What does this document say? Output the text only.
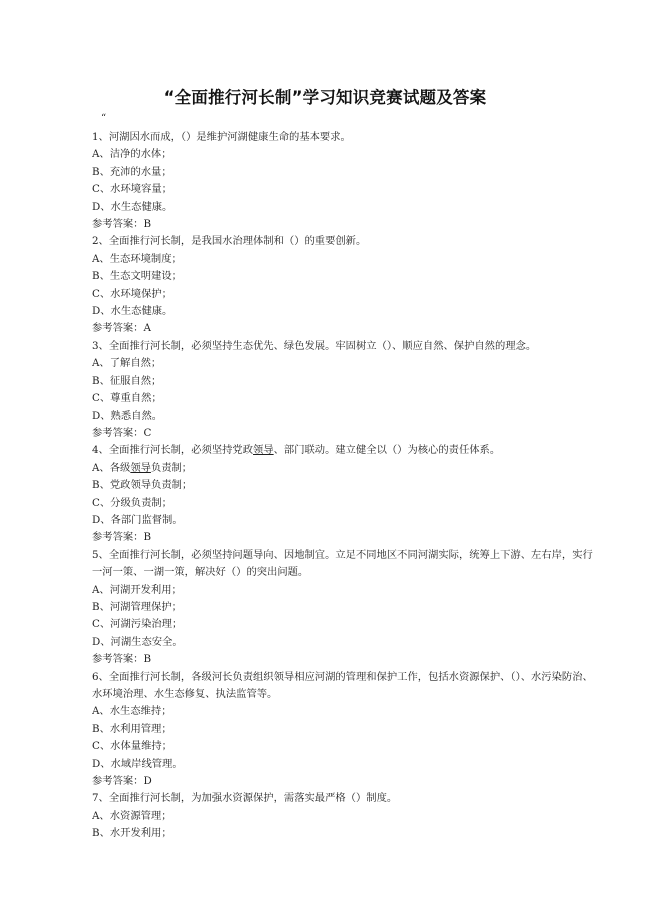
“全面推行河长制”学习知识竞赛试题及答案
“
1、河湖因水而成，（）是维护河湖健康生命的基本要求。
A、洁净的水体；
B、充沛的水量；
C、水环境容量；
D、水生态健康。
参考答案：B
2、全面推行河长制，是我国水治理体制和（）的重要创新。
A、生态环境制度；
B、生态文明建设；
C、水环境保护；
D、水生态健康。
参考答案：A
3、全面推行河长制，必须坚持生态优先、绿色发展。牢固树立（）、顺应自然、保护自然的理念。
A、了解自然；
B、征服自然；
C、尊重自然；
D、熟悉自然。
参考答案：C
4、全面推行河长制，必须坚持党政领导、部门联动。建立健全以（）为核心的责任体系。
A、各级领导负责制；
B、党政领导负责制；
C、分级负责制；
D、各部门监督制。
参考答案：B
5、全面推行河长制，必须坚持问题导向、因地制宜。立足不同地区不同河湖实际，统筹上下游、左右岸，实行一河一策、一湖一策，解决好（）的突出问题。
A、河湖开发利用；
B、河湖管理保护；
C、河湖污染治理；
D、河湖生态安全。
参考答案：B
6、全面推行河长制，各级河长负责组织领导相应河湖的管理和保护工作，包括水资源保护、（）、水污染防治、水环境治理、水生态修复、执法监管等。
A、水生态维持；
B、水利用管理；
C、水体量维持；
D、水域岸线管理。
参考答案：D
7、全面推行河长制，为加强水资源保护，需落实最严格（）制度。
A、水资源管理；
B、水开发利用；
